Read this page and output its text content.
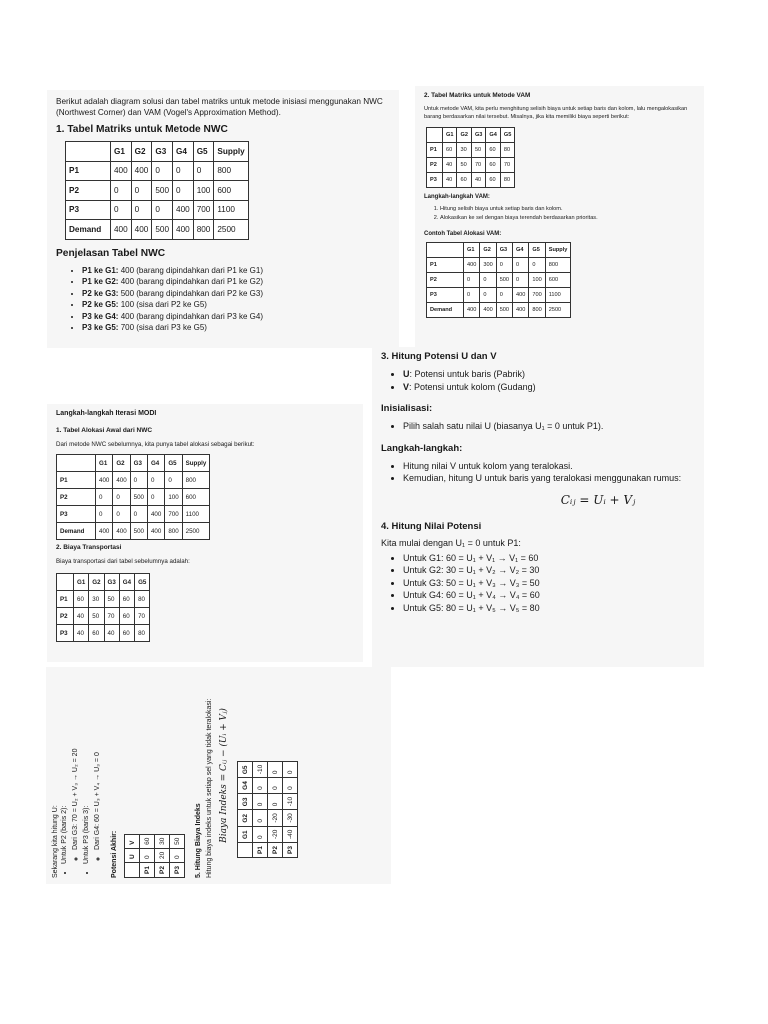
Berikut adalah diagram solusi dan tabel matriks untuk metode inisiasi menggunakan NWC (Northwest Corner) dan VAM (Vogel's Approximation Method).
1. Tabel Matriks untuk Metode NWC
	G1	G2	G3	G4	G5	Supply
P1	400	400	0	0	0	800
P2	0	0	500	0	100	600
P3	0	0	0	400	700	1100
Demand	400	400	500	400	800	2500
Penjelasan Tabel NWC
• P1 ke G1: 400 (barang dipindahkan dari P1 ke G1)
• P1 ke G2: 400 (barang dipindahkan dari P1 ke G2)
• P2 ke G3: 500 (barang dipindahkan dari P2 ke G3)
• P2 ke G5: 100 (sisa dari P2 ke G5)
• P3 ke G4: 400 (barang dipindahkan dari P3 ke G4)
• P3 ke G5: 700 (sisa dari P3 ke G5)
2. Tabel Matriks untuk Metode VAM
Untuk metode VAM, kita perlu menghitung selisih biaya untuk setiap baris dan kolom, lalu mengalokasikan barang berdasarkan nilai tersebut. Misalnya, jika kita memiliki biaya seperti berikut:
	G1	G2	G3	G4	G5
P1	60	30	50	60	80
P2	40	50	70	60	70
P3	40	60	40	60	80
Langkah-langkah VAM:
1. Hitung selisih biaya untuk setiap baris dan kolom.
2. Alokasikan ke sel dengan biaya terendah berdasarkan prioritas.
Contoh Tabel Alokasi VAM:
	G1	G2	G3	G4	G5	Supply
P1	400	300	0	0	0	800
P2	0	0	500	0	100	600
P3	0	0	0	400	700	1100
Demand	400	400	500	400	800	2500
Langkah-langkah Iterasi MODI
1. Tabel Alokasi Awal dari NWC
Dari metode NWC sebelumnya, kita punya tabel alokasi sebagai berikut:
	G1	G2	G3	G4	G5	Supply
P1	400	400	0	0	0	800
P2	0	0	500	0	100	600
P3	0	0	0	400	700	1100
Demand	400	400	500	400	800	2500
2. Biaya Transportasi
Biaya transportasi dari tabel sebelumnya adalah:
	G1	G2	G3	G4	G5
P1	60	30	50	60	80
P2	40	50	70	60	70
P3	40	60	40	60	80
3. Hitung Potensi U dan V
• U: Potensi untuk baris (Pabrik)
• V: Potensi untuk kolom (Gudang)
Inisialisasi:
• Pilih salah satu nilai U (biasanya U₁ = 0 untuk P1).
Langkah-langkah:
• Hitung nilai V untuk kolom yang teralokasi.
• Kemudian, hitung U untuk baris yang teralokasi menggunakan rumus:
Cᵢⱼ = Uᵢ + Vⱼ
4. Hitung Nilai Potensi
Kita mulai dengan U₁ = 0 untuk P1:
• Untuk G1: 60 = U₁ + V₁ → V₁ = 60
• Untuk G2: 30 = U₁ + V₂ → V₂ = 30
• Untuk G3: 50 = U₁ + V₃ → V₃ = 50
• Untuk G4: 60 = U₁ + V₄ → V₄ = 60
• Untuk G5: 80 = U₁ + V₅ → V₅ = 80
Sekarang kita hitung U: • Untuk P2 (baris 2): ◦ Dari G3: 70 = U₂ + V₃ → U₂ = 20 • Untuk P3 (baris 3): ◦ Dari G4: 60 = U₃ + V₄ → U₃ = 0
Potensi Akhir:
	U	V
P1	0	60
P2	20	30
P3	0	50 5. Hitung Biaya Indeks Hitung biaya indeks untuk setiap sel yang tidak teralokasi: Biaya Indeks = Cᵢⱼ − (Uᵢ + Vⱼ)
	G1	G2	G3	G4	G5
P1	0	0	0	0	-10
P2	-20	-20	0	0	0
P3	-40	-30	-10	0	0
